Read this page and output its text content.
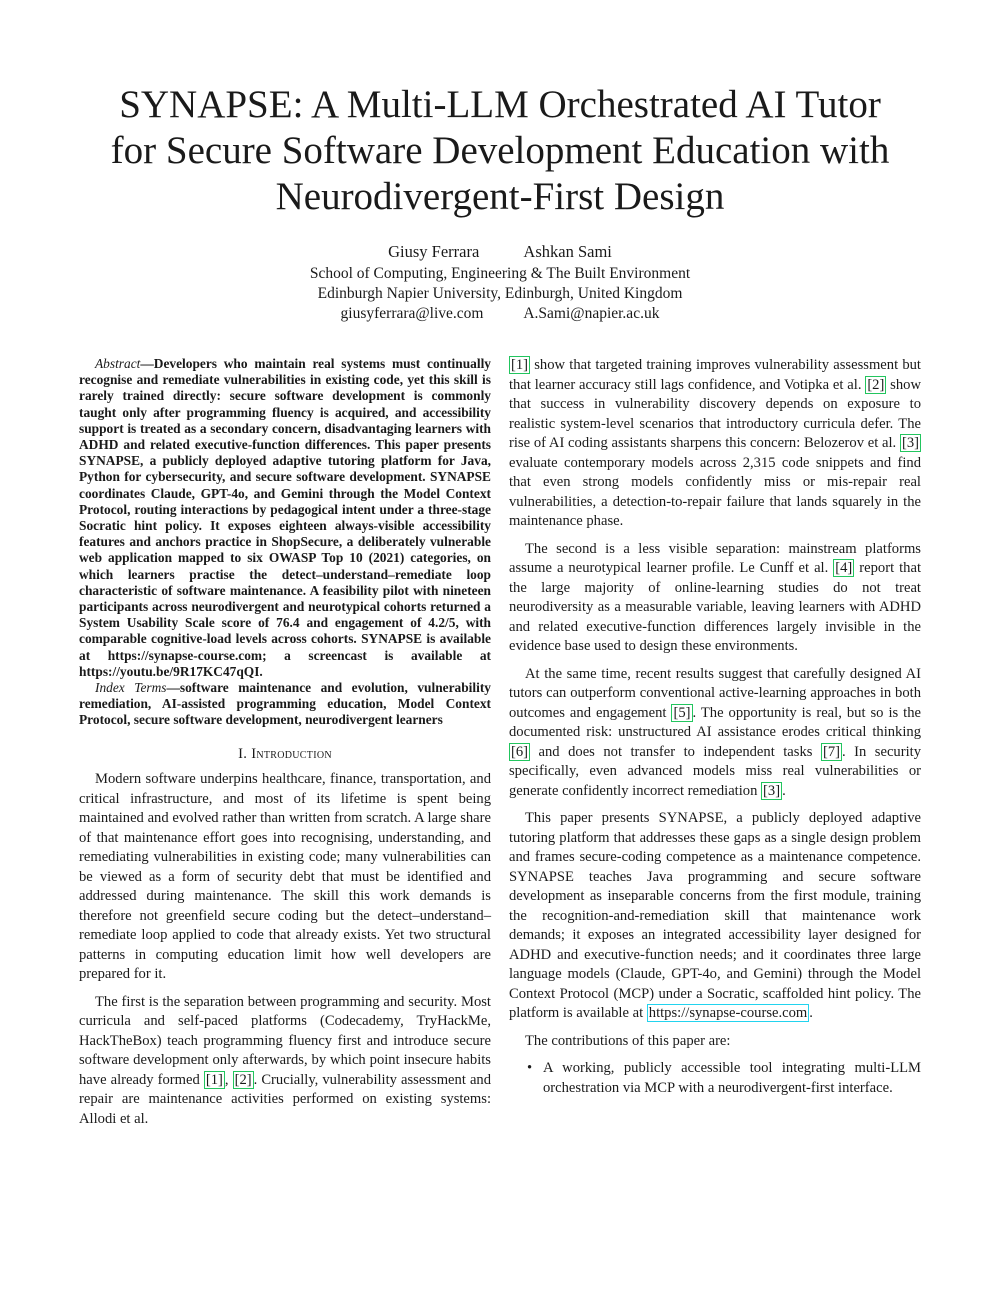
SYNAPSE: A Multi-LLM Orchestrated AI Tutor
for Secure Software Development Education with
Neurodivergent-First Design
Giusy Ferrara	Ashkan Sami
School of Computing, Engineering & The Built Environment
Edinburgh Napier University, Edinburgh, United Kingdom
giusyferrara@live.com	A.Sami@napier.ac.uk

Abstract—Developers who maintain real systems must continually recognise and remediate vulnerabilities in existing code, yet this skill is rarely trained directly: secure software development is commonly taught only after programming fluency is acquired, and accessibility support is treated as a secondary concern, disadvantaging learners with ADHD and related executive-function differences. This paper presents SYNAPSE, a publicly deployed adaptive tutoring platform for Java, Python for cybersecurity, and secure software development. SYNAPSE coordinates Claude, GPT-4o, and Gemini through the Model Context Protocol, routing interactions by pedagogical intent under a three-stage Socratic hint policy. It exposes eighteen always-visible accessibility features and anchors practice in ShopSecure, a deliberately vulnerable web application mapped to six OWASP Top 10 (2021) categories, on which learners practise the detect–understand–remediate loop characteristic of software maintenance. A feasibility pilot with nineteen participants across neurodivergent and neurotypical cohorts returned a System Usability Scale score of 76.4 and engagement of 4.2/5, with comparable cognitive-load levels across cohorts. SYNAPSE is available at https://synapse-course.com; a screencast is available at https://youtu.be/9R17KC47qQI.

Index Terms—software maintenance and evolution, vulnerability remediation, AI-assisted programming education, Model Context Protocol, secure software development, neurodivergent learners

I. Introduction

Modern software underpins healthcare, finance, transportation, and critical infrastructure, and most of its lifetime is spent being maintained and evolved rather than written from scratch. A large share of that maintenance effort goes into recognising, understanding, and remediating vulnerabilities in existing code; many vulnerabilities can be viewed as a form of security debt that must be identified and addressed during maintenance. The skill this work demands is therefore not greenfield secure coding but the detect–understand–remediate loop applied to code that already exists. Yet two structural patterns in computing education limit how well developers are prepared for it.

The first is the separation between programming and security. Most curricula and self-paced platforms (Codecademy, TryHackMe, HackTheBox) teach programming fluency first and introduce secure software development only afterwards, by which point insecure habits have already formed [1] , [2] . Crucially, vulnerability assessment and repair are maintenance activities performed on existing systems: Allodi et al.

[1] show that targeted training improves vulnerability assessment but that learner accuracy still lags confidence, and Votipka et al. [2] show that success in vulnerability discovery depends on exposure to realistic system-level scenarios that introductory curricula defer. The rise of AI coding assistants sharpens this concern: Belozerov et al. [3] evaluate contemporary models across 2,315 code snippets and find that even strong models confidently miss or mis-repair real vulnerabilities, a detection-to-repair failure that lands squarely in the maintenance phase.

The second is a less visible separation: mainstream platforms assume a neurotypical learner profile. Le Cunff et al. [4] report that the large majority of online-learning studies do not treat neurodiversity as a measurable variable, leaving learners with ADHD and related executive-function differences largely invisible in the evidence base used to design these environments.

At the same time, recent results suggest that carefully designed AI tutors can outperform conventional active-learning approaches in both outcomes and engagement [5] . The opportunity is real, but so is the documented risk: unstructured AI assistance erodes critical thinking [6] and does not transfer to independent tasks [7] . In security specifically, even advanced models miss real vulnerabilities or generate confidently incorrect remediation [3] .

This paper presents SYNAPSE, a publicly deployed adaptive tutoring platform that addresses these gaps as a single design problem and frames secure-coding competence as a maintenance competence. SYNAPSE teaches Java programming and secure software development as inseparable concerns from the first module, training the recognition-and-remediation skill that maintenance work demands; it exposes an integrated accessibility layer designed for ADHD and executive-function needs; and it coordinates three large language models (Claude, GPT-4o, and Gemini) through the Model Context Protocol (MCP) under a Socratic, scaffolded hint policy. The platform is available at https://synapse-course.com .

The contributions of this paper are:

• A working, publicly accessible tool integrating multi-LLM orchestration via MCP with a neurodivergent-first interface.
